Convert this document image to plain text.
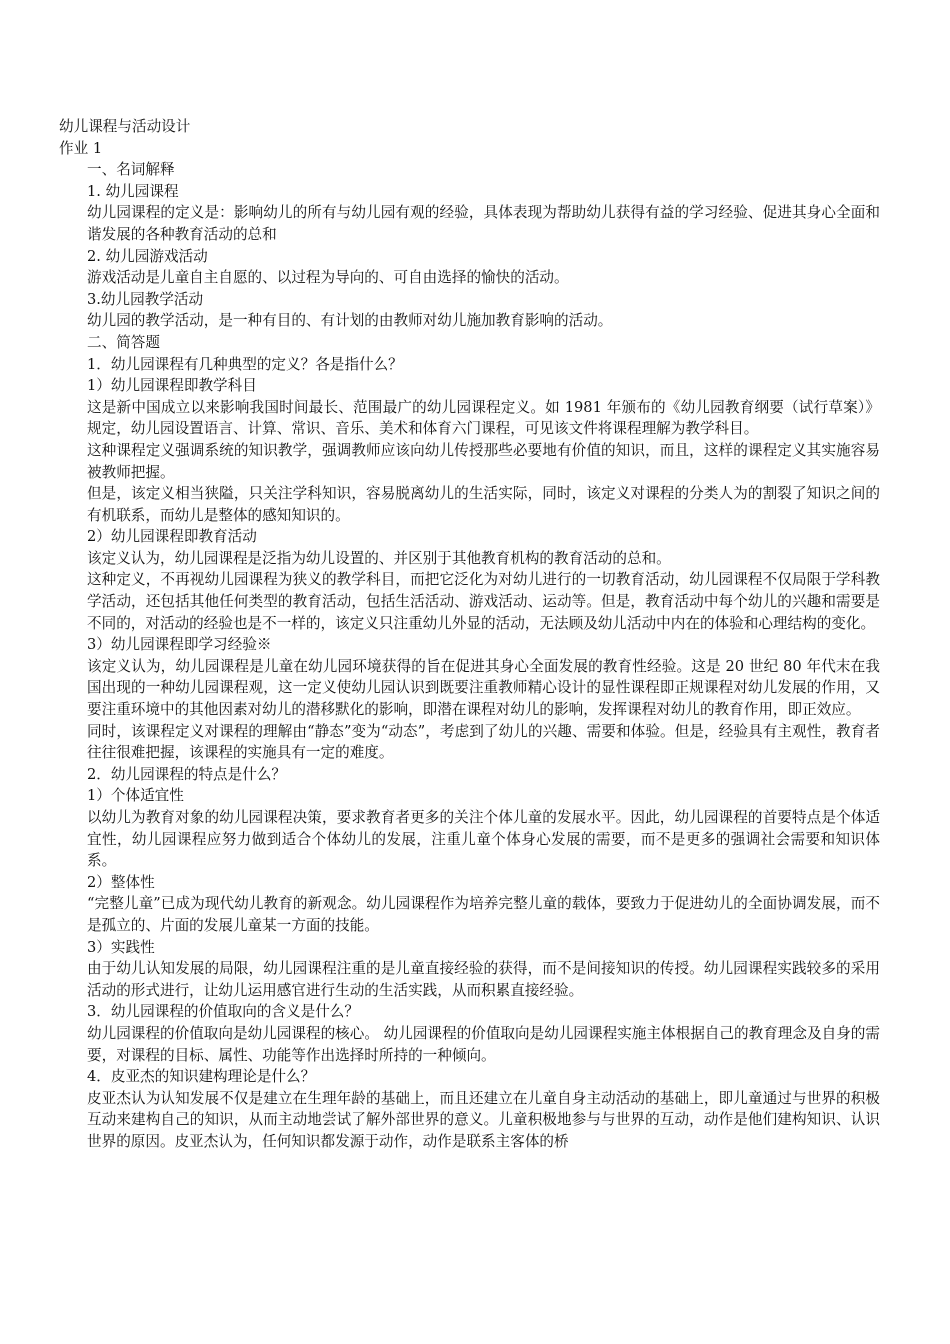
幼儿课程与活动设计

作业 1

一、名词解释

1. 幼儿园课程

幼儿园课程的定义是：影响幼儿的所有与幼儿园有观的经验，具体表现为帮助幼儿获得有益的学习经验、促进其身心全面和谐发展的各种教育活动的总和

2. 幼儿园游戏活动

游戏活动是儿童自主自愿的、以过程为导向的、可自由选择的愉快的活动。

3.幼儿园教学活动

幼儿园的教学活动，是一种有目的、有计划的由教师对幼儿施加教育影响的活动。

二、简答题

1．幼儿园课程有几种典型的定义？各是指什么？

1）幼儿园课程即教学科目

这是新中国成立以来影响我国时间最长、范围最广的幼儿园课程定义。如 1981 年颁布的《幼儿园教育纲要（试行草案）》规定，幼儿园设置语言、计算、常识、音乐、美术和体育六门课程，可见该文件将课程理解为教学科目。

这种课程定义强调系统的知识教学，强调教师应该向幼儿传授那些必要地有价值的知识，而且，这样的课程定义其实施容易被教师把握。

但是，该定义相当狭隘，只关注学科知识，容易脱离幼儿的生活实际，同时，该定义对课程的分类人为的割裂了知识之间的有机联系，而幼儿是整体的感知知识的。

2）幼儿园课程即教育活动

该定义认为，幼儿园课程是泛指为幼儿设置的、并区别于其他教育机构的教育活动的总和。

这种定义，不再视幼儿园课程为狭义的教学科目，而把它泛化为对幼儿进行的一切教育活动，幼儿园课程不仅局限于学科教学活动，还包括其他任何类型的教育活动，包括生活活动、游戏活动、运动等。但是，教育活动中每个幼儿的兴趣和需要是不同的，对活动的经验也是不一样的，该定义只注重幼儿外显的活动，无法顾及幼儿活动中内在的体验和心理结构的变化。

3）幼儿园课程即学习经验※

该定义认为，幼儿园课程是儿童在幼儿园环境获得的旨在促进其身心全面发展的教育性经验。这是 20 世纪 80 年代末在我国出现的一种幼儿园课程观，这一定义使幼儿园认识到既要注重教师精心设计的显性课程即正规课程对幼儿发展的作用，又要注重环境中的其他因素对幼儿的潜移默化的影响，即潜在课程对幼儿的影响，发挥课程对幼儿的教育作用，即正效应。

同时，该课程定义对课程的理解由“静态”变为“动态”，考虑到了幼儿的兴趣、需要和体验。但是，经验具有主观性，教育者往往很难把握，该课程的实施具有一定的难度。

2．幼儿园课程的特点是什么？

1）个体适宜性

以幼儿为教育对象的幼儿园课程决策，要求教育者更多的关注个体儿童的发展水平。因此，幼儿园课程的首要特点是个体适宜性，幼儿园课程应努力做到适合个体幼儿的发展，注重儿童个体身心发展的需要，而不是更多的强调社会需要和知识体系。

2）整体性

“完整儿童”已成为现代幼儿教育的新观念。幼儿园课程作为培养完整儿童的载体，要致力于促进幼儿的全面协调发展，而不是孤立的、片面的发展儿童某一方面的技能。

3）实践性

由于幼儿认知发展的局限，幼儿园课程注重的是儿童直接经验的获得，而不是间接知识的传授。幼儿园课程实践较多的采用活动的形式进行，让幼儿运用感官进行生动的生活实践，从而积累直接经验。

3．幼儿园课程的价值取向的含义是什么？

幼儿园课程的价值取向是幼儿园课程的核心。 幼儿园课程的价值取向是幼儿园课程实施主体根据自己的教育理念及自身的需要，对课程的目标、属性、功能等作出选择时所持的一种倾向。

4．皮亚杰的知识建构理论是什么？

皮亚杰认为认知发展不仅是建立在生理年龄的基础上，而且还建立在儿童自身主动活动的基础上，即儿童通过与世界的积极互动来建构自己的知识，从而主动地尝试了解外部世界的意义。儿童积极地参与与世界的互动，动作是他们建构知识、认识世界的原因。皮亚杰认为，任何知识都发源于动作，动作是联系主客体的桥
